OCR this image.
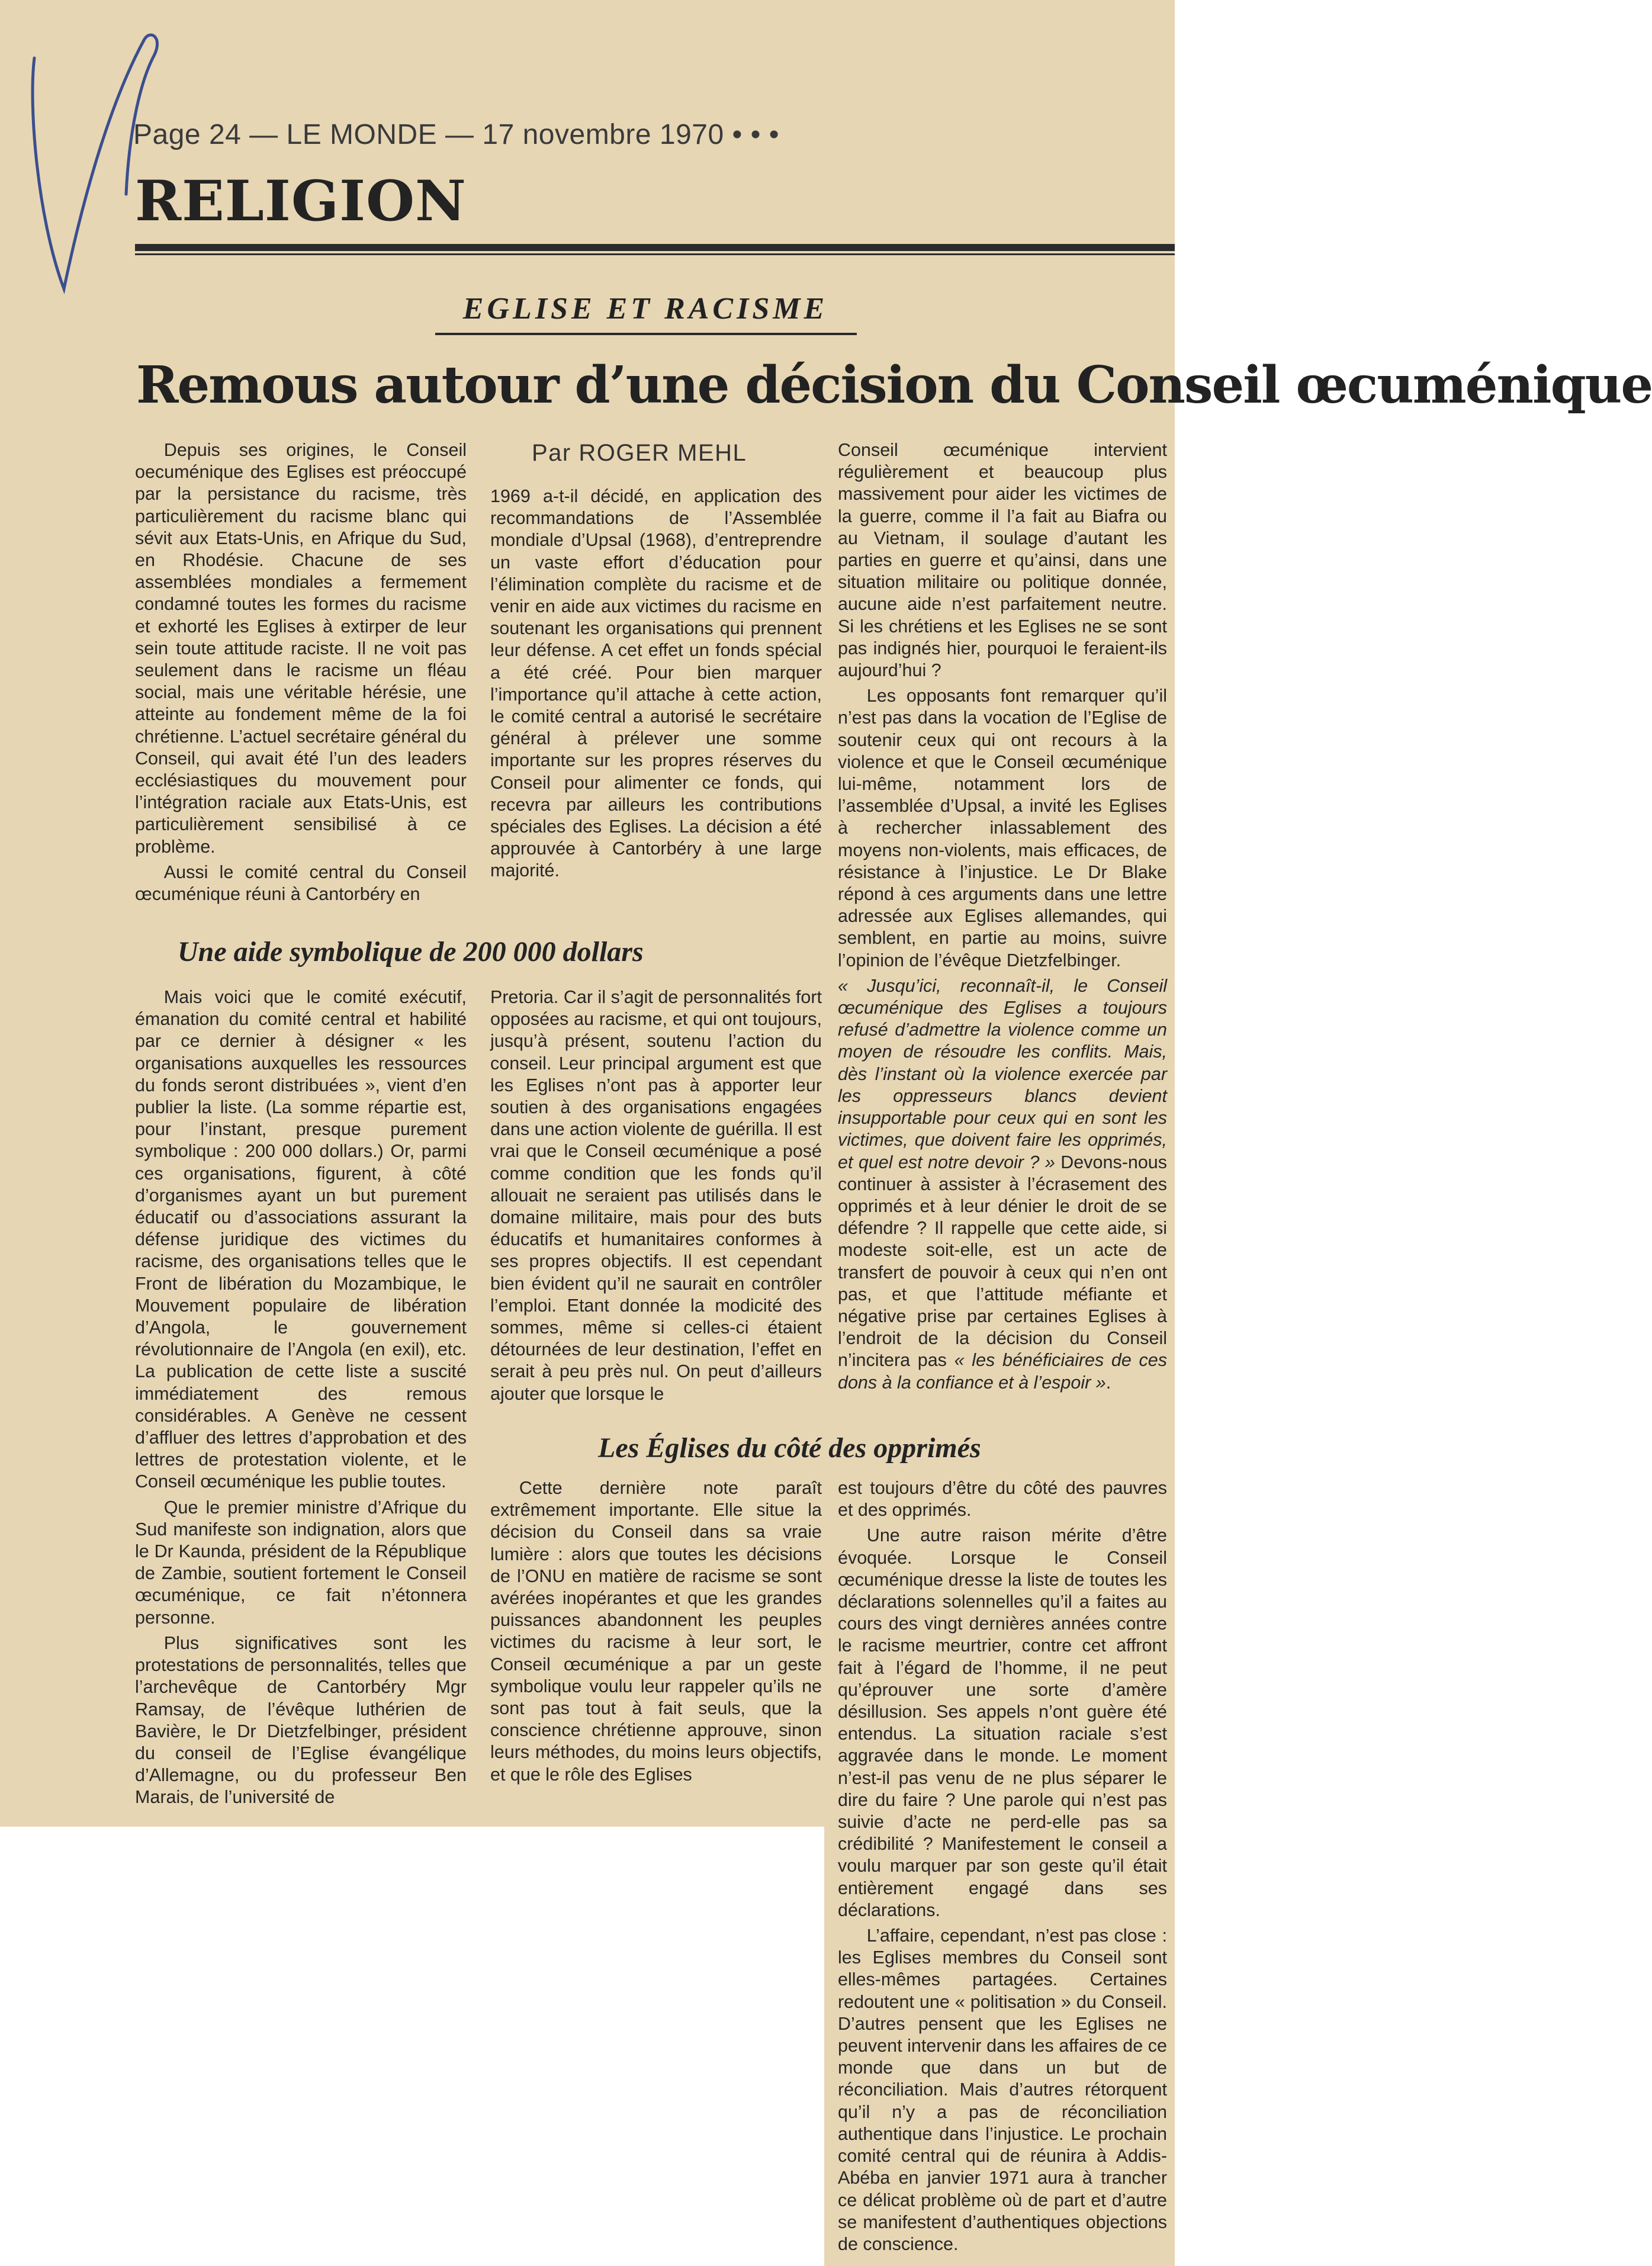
Page 24 — LE MONDE — 17 novembre 1970 • • •
RELIGION
EGLISE ET RACISME
Remous autour d’une décision du Conseil œcuménique
Par ROGER MEHL

Depuis ses origines, le Conseil oecuménique des Eglises est préoccupé par la persistance du racisme, très particulièrement du racisme blanc qui sévit aux Etats-Unis, en Afrique du Sud, en Rhodésie. Chacune de ses assemblées mondiales a fermement condamné toutes les formes du racisme et exhorté les Eglises à extirper de leur sein toute attitude raciste. Il ne voit pas seulement dans le racisme un fléau social, mais une véritable hérésie, une atteinte au fondement même de la foi chrétienne. L’actuel secrétaire général du Conseil, qui avait été l’un des leaders ecclésiastiques du mouvement pour l’intégration raciale aux Etats-Unis, est particulièrement sensibilisé à ce problème.

Aussi le comité central du Conseil œcuménique réuni à Cantorbéry en

1969 a-t-il décidé, en application des recommandations de l’Assemblée mondiale d’Upsal (1968), d’entreprendre un vaste effort d’éducation pour l’élimination complète du racisme et de venir en aide aux victimes du racisme en soutenant les organisations qui prennent leur défense. A cet effet un fonds spécial a été créé. Pour bien marquer l’importance qu’il attache à cette action, le comité central a autorisé le secrétaire général à prélever une somme importante sur les propres réserves du Conseil pour alimenter ce fonds, qui recevra par ailleurs les contributions spéciales des Eglises. La décision a été approuvée à Cantorbéry à une large majorité.

Conseil œcuménique intervient régulièrement et beaucoup plus massivement pour aider les victimes de la guerre, comme il l’a fait au Biafra ou au Vietnam, il soulage d’autant les parties en guerre et qu’ainsi, dans une situation militaire ou politique donnée, aucune aide n’est parfaitement neutre. Si les chrétiens et les Eglises ne se sont pas indignés hier, pourquoi le feraient-ils aujourd’hui ?

Les opposants font remarquer qu’il n’est pas dans la vocation de l’Eglise de soutenir ceux qui ont recours à la violence et que le Conseil œcuménique lui-même, notamment lors de l’assemblée d’Upsal, a invité les Eglises à rechercher inlassablement des moyens non-violents, mais efficaces, de résistance à l’injustice. Le Dr Blake répond à ces arguments dans une lettre adressée aux Eglises allemandes, qui semblent, en partie au moins, suivre l’opinion de l’évêque Dietzfelbinger.

« Jusqu’ici, reconnaît-il, le Conseil œcuménique des Eglises a toujours refusé d’admettre la violence comme un moyen de résoudre les conflits. Mais, dès l’instant où la violence exercée par les oppresseurs blancs devient insupportable pour ceux qui en sont les victimes, que doivent faire les opprimés, et quel est notre devoir ? » Devons-nous continuer à assister à l’écrasement des opprimés et à leur dénier le droit de se défendre ? Il rappelle que cette aide, si modeste soit-elle, est un acte de transfert de pouvoir à ceux qui n’en ont pas, et que l’attitude méfiante et négative prise par certaines Eglises à l’endroit de la décision du Conseil n’incitera pas « les bénéficiaires de ces dons à la confiance et à l’espoir ».

Une aide symbolique de 200 000 dollars

Mais voici que le comité exécutif, émanation du comité central et habilité par ce dernier à désigner « les organisations auxquelles les ressources du fonds seront distribuées », vient d’en publier la liste. (La somme répartie est, pour l’instant, presque purement symbolique : 200 000 dollars.) Or, parmi ces organisations, figurent, à côté d’organismes ayant un but purement éducatif ou d’associations assurant la défense juridique des victimes du racisme, des organisations telles que le Front de libération du Mozambique, le Mouvement populaire de libération d’Angola, le gouvernement révolutionnaire de l’Angola (en exil), etc. La publication de cette liste a suscité immédiatement des remous considérables. A Genève ne cessent d’affluer des lettres d’approbation et des lettres de protestation violente, et le Conseil œcuménique les publie toutes.

Que le premier ministre d’Afrique du Sud manifeste son indignation, alors que le Dr Kaunda, président de la République de Zambie, soutient fortement le Conseil œcuménique, ce fait n’étonnera personne.

Plus significatives sont les protestations de personnalités, telles que l’archevêque de Cantorbéry Mgr Ramsay, de l’évêque luthérien de Bavière, le Dr Dietzfelbinger, président du conseil de l’Eglise évangélique d’Allemagne, ou du professeur Ben Marais, de l’université de

Pretoria. Car il s’agit de personnalités fort opposées au racisme, et qui ont toujours, jusqu’à présent, soutenu l’action du conseil. Leur principal argument est que les Eglises n’ont pas à apporter leur soutien à des organisations engagées dans une action violente de guérilla. Il est vrai que le Conseil œcuménique a posé comme condition que les fonds qu’il allouait ne seraient pas utilisés dans le domaine militaire, mais pour des buts éducatifs et humanitaires conformes à ses propres objectifs. Il est cependant bien évident qu’il ne saurait en contrôler l’emploi. Etant donnée la modicité des sommes, même si celles-ci étaient détournées de leur destination, l’effet en serait à peu près nul. On peut d’ailleurs ajouter que lorsque le

Les Églises du côté des opprimés

Cette dernière note paraît extrêmement importante. Elle situe la décision du Conseil dans sa vraie lumière : alors que toutes les décisions de l’ONU en matière de racisme se sont avérées inopérantes et que les grandes puissances abandonnent les peuples victimes du racisme à leur sort, le Conseil œcuménique a par un geste symbolique voulu leur rappeler qu’ils ne sont pas tout à fait seuls, que la conscience chrétienne approuve, sinon leurs méthodes, du moins leurs objectifs, et que le rôle des Eglises

est toujours d’être du côté des pauvres et des opprimés.

Une autre raison mérite d’être évoquée. Lorsque le Conseil œcuménique dresse la liste de toutes les déclarations solennelles qu’il a faites au cours des vingt dernières années contre le racisme meurtrier, contre cet affront fait à l’égard de l’homme, il ne peut qu’éprouver une sorte d’amère désillusion. Ses appels n’ont guère été entendus. La situation raciale s’est aggravée dans le monde. Le moment n’est-il pas venu de ne plus séparer le dire du faire ? Une parole qui n’est pas suivie d’acte ne perd-elle pas sa crédibilité ? Manifestement le conseil a voulu marquer par son geste qu’il était entièrement engagé dans ses déclarations.

L’affaire, cependant, n’est pas close : les Eglises membres du Conseil sont elles-mêmes partagées. Certaines redoutent une « politisation » du Conseil. D’autres pensent que les Eglises ne peuvent intervenir dans les affaires de ce monde que dans un but de réconciliation. Mais d’autres rétorquent qu’il n’y a pas de réconciliation authentique dans l’injustice. Le prochain comité central qui de réunira à Addis-Abéba en janvier 1971 aura à trancher ce délicat problème où de part et d’autre se manifestent d’authentiques objections de conscience.
